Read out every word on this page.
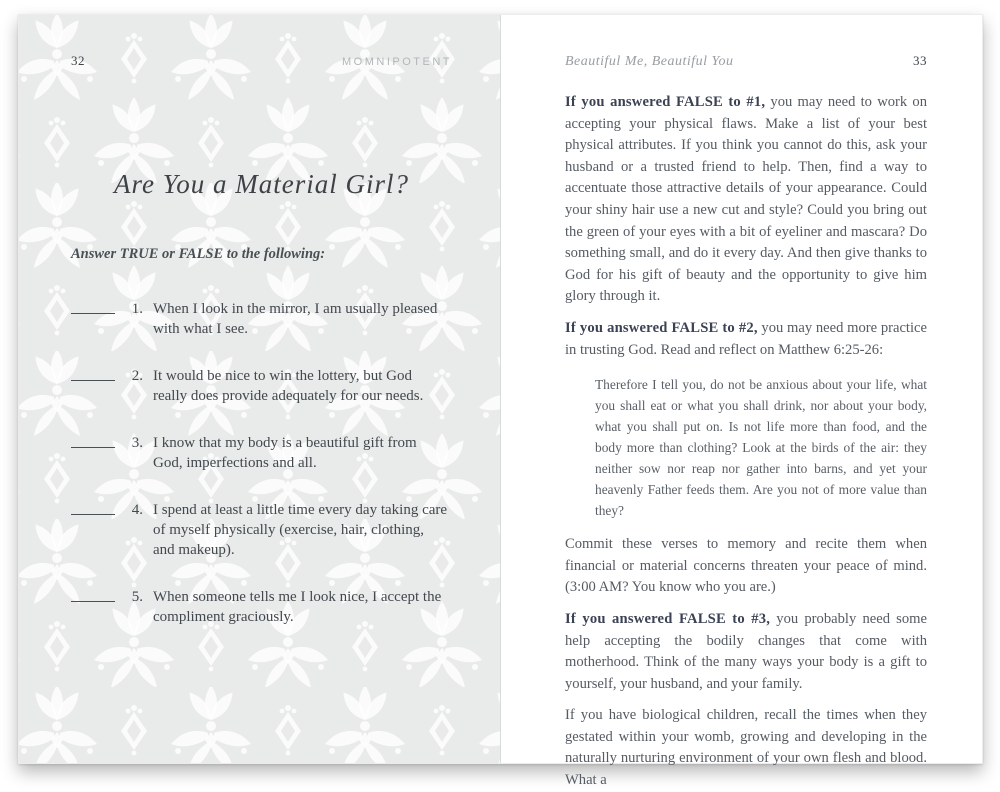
32	MOMNIPOTENT
Are You a Material Girl?

Answer TRUE or FALSE to the following:

1. When I look in the mirror, I am usually pleased with what I see.
2. It would be nice to win the lottery, but God really does provide adequately for our needs.
3. I know that my body is a beautiful gift from God, imperfections and all.
4. I spend at least a little time every day taking care of myself physically (exercise, hair, clothing, and makeup).
5. When someone tells me I look nice, I accept the compliment graciously.
Beautiful Me, Beautiful You	33

If you answered FALSE to #1, you may need to work on accepting your physical flaws. Make a list of your best physical attributes. If you think you cannot do this, ask your husband or a trusted friend to help. Then, find a way to accentuate those attractive details of your appearance. Could your shiny hair use a new cut and style? Could you bring out the green of your eyes with a bit of eyeliner and mascara? Do something small, and do it every day. And then give thanks to God for his gift of beauty and the opportunity to give him glory through it.

If you answered FALSE to #2, you may need more practice in trusting God. Read and reflect on Matthew 6:25-26:

Therefore I tell you, do not be anxious about your life, what you shall eat or what you shall drink, nor about your body, what you shall put on. Is not life more than food, and the body more than clothing? Look at the birds of the air: they neither sow nor reap nor gather into barns, and yet your heavenly Father feeds them. Are you not of more value than they?

Commit these verses to memory and recite them when financial or material concerns threaten your peace of mind. (3:00 AM? You know who you are.)

If you answered FALSE to #3, you probably need some help accepting the bodily changes that come with motherhood. Think of the many ways your body is a gift to yourself, your husband, and your family.

If you have biological children, recall the times when they gestated within your womb, growing and developing in the naturally nurturing environment of your own flesh and blood. What a
